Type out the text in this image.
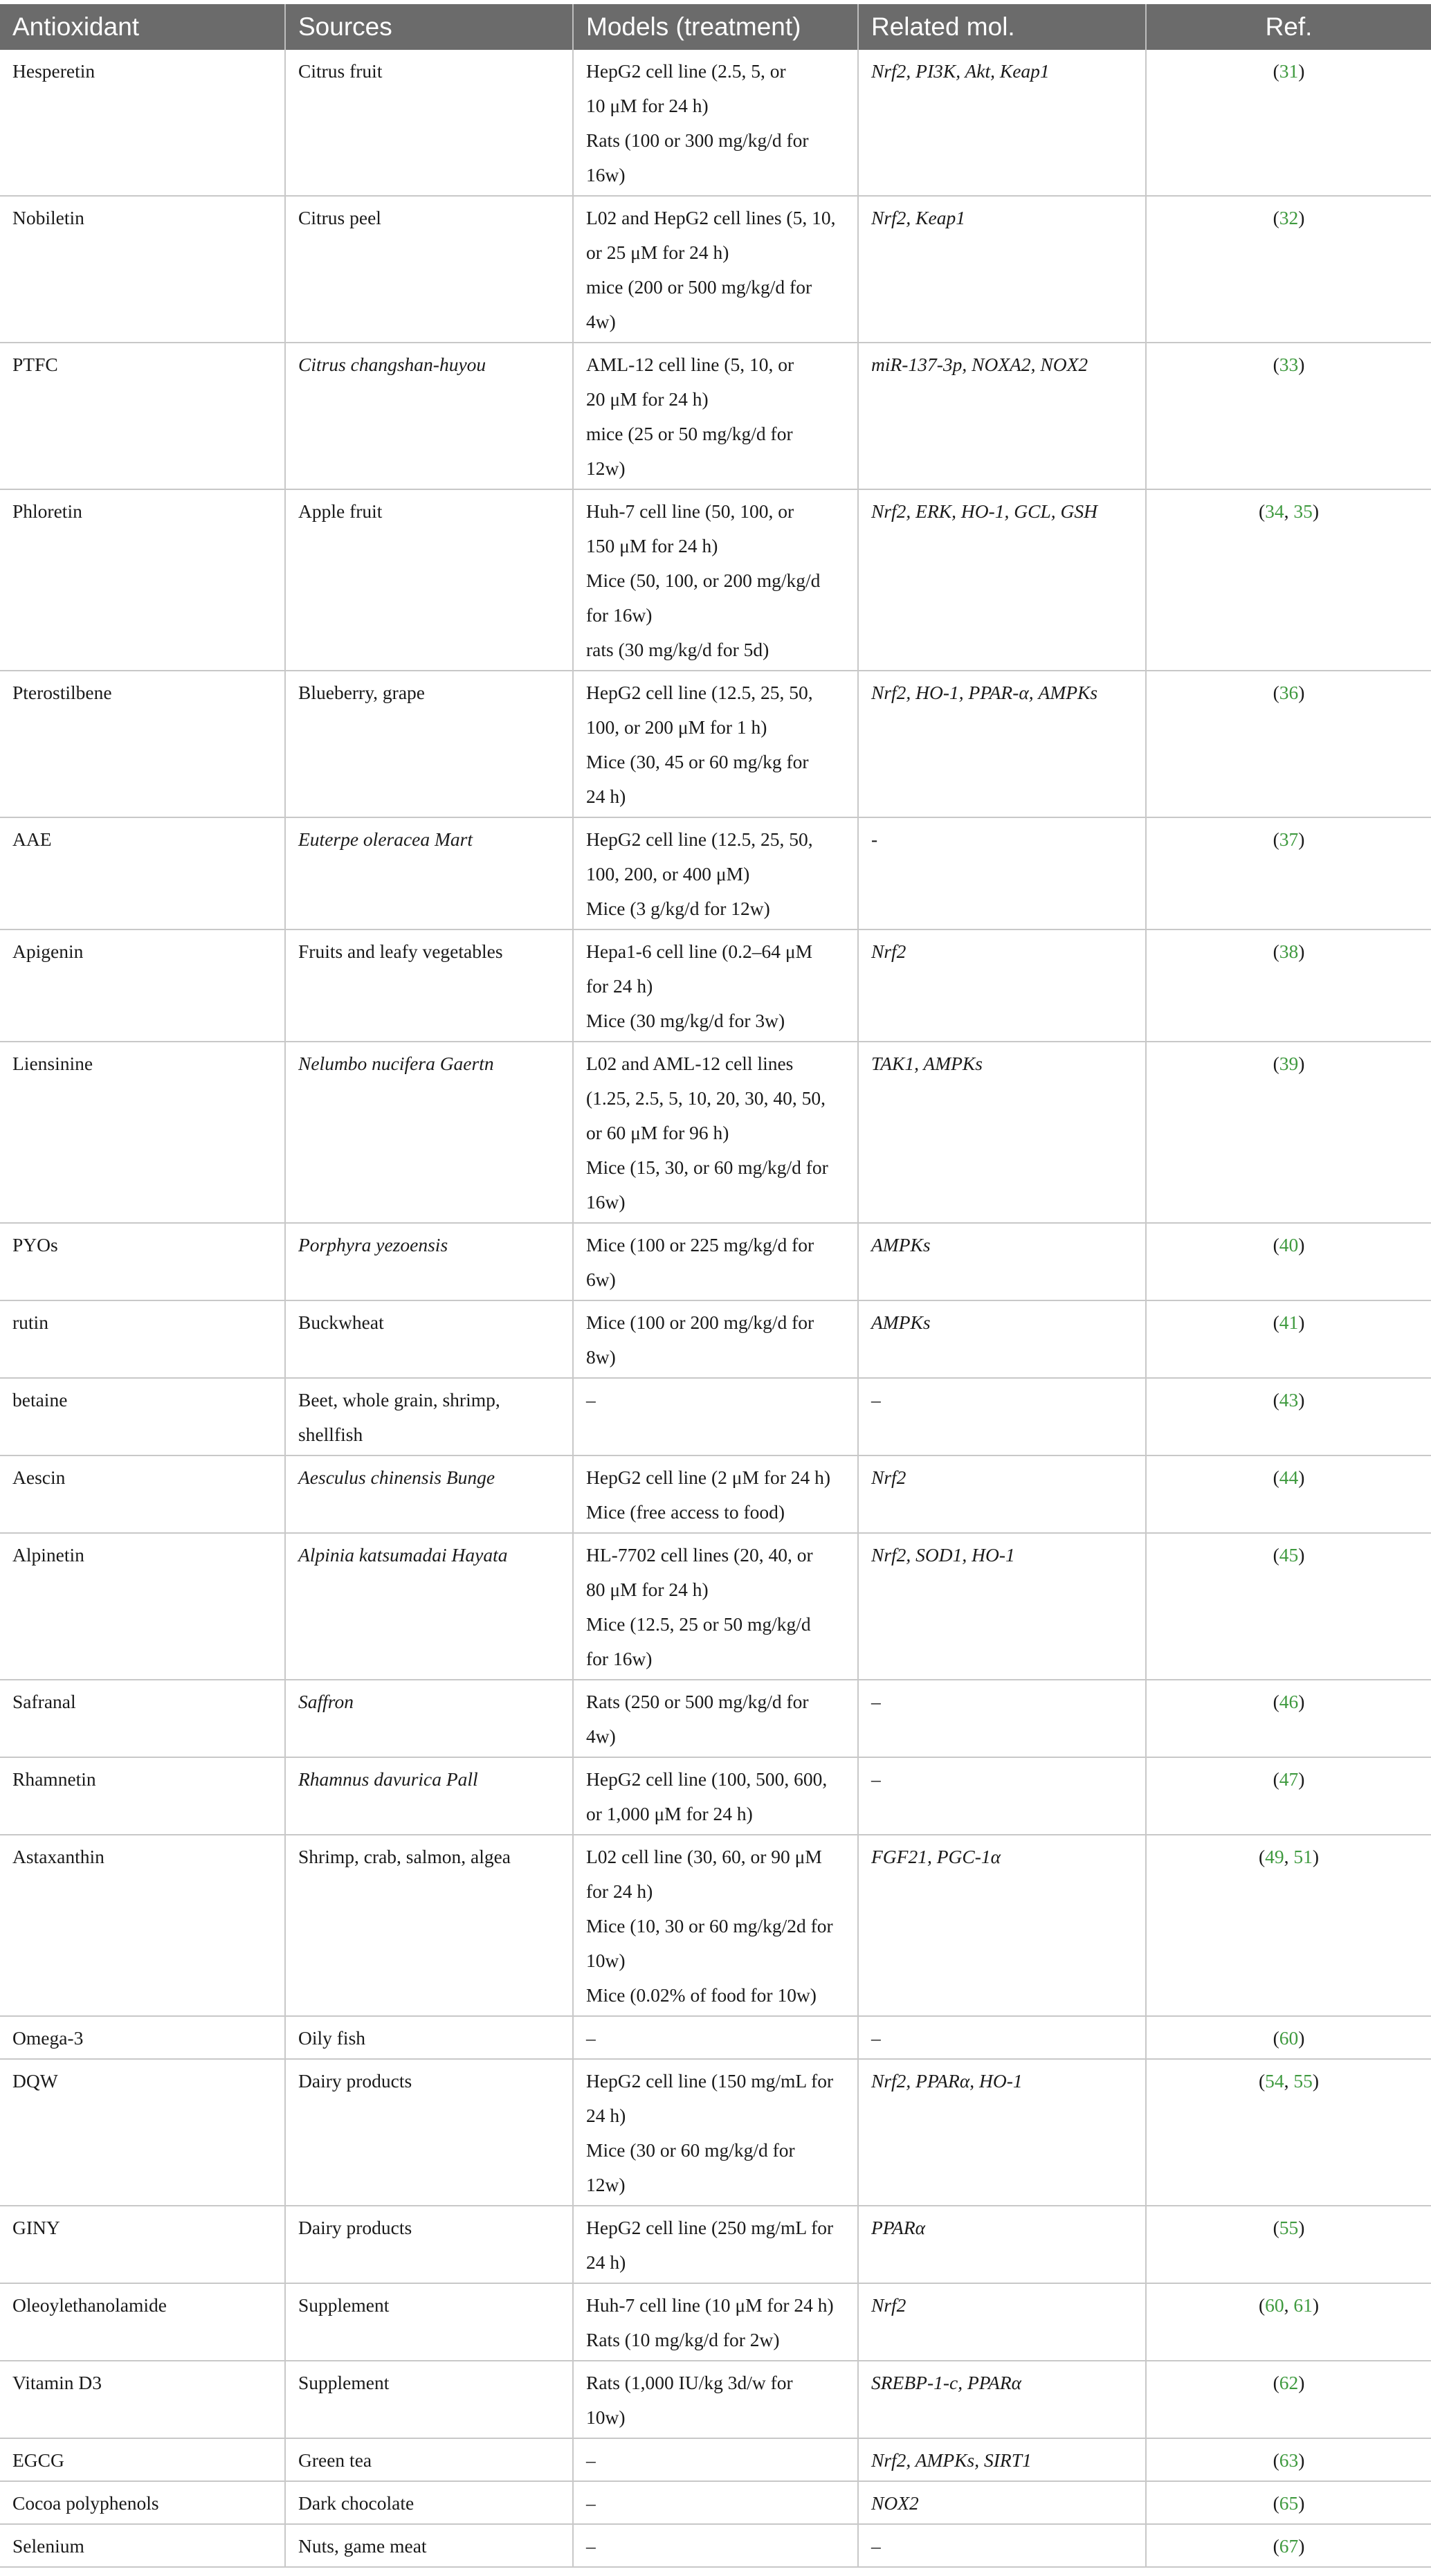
Antioxidant	Sources	Models (treatment)	Related mol.	Ref.
Hesperetin	Citrus fruit	HepG2 cell line (2.5, 5, or
10 μM for 24 h)
Rats (100 or 300 mg/kg/d for
16w)	Nrf2, PI3K, Akt, Keap1	(31)
Nobiletin	Citrus peel	L02 and HepG2 cell lines (5, 10,
or 25 μM for 24 h)
mice (200 or 500 mg/kg/d for
4w)	Nrf2, Keap1	(32)
PTFC	Citrus changshan-huyou	AML-12 cell line (5, 10, or
20 μM for 24 h)
mice (25 or 50 mg/kg/d for
12w)	miR-137-3p, NOXA2, NOX2	(33)
Phloretin	Apple fruit	Huh-7 cell line (50, 100, or
150 μM for 24 h)
Mice (50, 100, or 200 mg/kg/d
for 16w)
rats (30 mg/kg/d for 5d)	Nrf2, ERK, HO-1, GCL, GSH	(34, 35)
Pterostilbene	Blueberry, grape	HepG2 cell line (12.5, 25, 50,
100, or 200 μM for 1 h)
Mice (30, 45 or 60 mg/kg for
24 h)	Nrf2, HO-1, PPAR-α, AMPKs	(36)
AAE	Euterpe oleracea Mart	HepG2 cell line (12.5, 25, 50,
100, 200, or 400 μM)
Mice (3 g/kg/d for 12w)	-	(37)
Apigenin	Fruits and leafy vegetables	Hepa1-6 cell line (0.2–64 μM
for 24 h)
Mice (30 mg/kg/d for 3w)	Nrf2	(38)
Liensinine	Nelumbo nucifera Gaertn	L02 and AML-12 cell lines
(1.25, 2.5, 5, 10, 20, 30, 40, 50,
or 60 μM for 96 h)
Mice (15, 30, or 60 mg/kg/d for
16w)	TAK1, AMPKs	(39)
PYOs	Porphyra yezoensis	Mice (100 or 225 mg/kg/d for
6w)	AMPKs	(40)
rutin	Buckwheat	Mice (100 or 200 mg/kg/d for
8w)	AMPKs	(41)
betaine	Beet, whole grain, shrimp, shellfish	–	–	(43)
Aescin	Aesculus chinensis Bunge	HepG2 cell line (2 μM for 24 h)
Mice (free access to food)	Nrf2	(44)
Alpinetin	Alpinia katsumadai Hayata	HL-7702 cell lines (20, 40, or
80 μM for 24 h)
Mice (12.5, 25 or 50 mg/kg/d
for 16w)	Nrf2, SOD1, HO-1	(45)
Safranal	Saffron	Rats (250 or 500 mg/kg/d for
4w)	–	(46)
Rhamnetin	Rhamnus davurica Pall	HepG2 cell line (100, 500, 600,
or 1,000 μM for 24 h)	–	(47)
Astaxanthin	Shrimp, crab, salmon, algea	L02 cell line (30, 60, or 90 μM
for 24 h)
Mice (10, 30 or 60 mg/kg/2d for
10w)
Mice (0.02% of food for 10w)	FGF21, PGC-1α	(49, 51)
Omega-3	Oily fish	–	–	(60)
DQW	Dairy products	HepG2 cell line (150 mg/mL for
24 h)
Mice (30 or 60 mg/kg/d for
12w)	Nrf2, PPARα, HO-1	(54, 55)
GINY	Dairy products	HepG2 cell line (250 mg/mL for
24 h)	PPARα	(55)
Oleoylethanolamide	Supplement	Huh-7 cell line (10 μM for 24 h)
Rats (10 mg/kg/d for 2w)	Nrf2	(60, 61)
Vitamin D3	Supplement	Rats (1,000 IU/kg 3d/w for
10w)	SREBP-1-c, PPARα	(62)
EGCG	Green tea	–	Nrf2, AMPKs, SIRT1	(63)
Cocoa polyphenols	Dark chocolate	–	NOX2	(65)
Selenium	Nuts, game meat	–	–	(67)
